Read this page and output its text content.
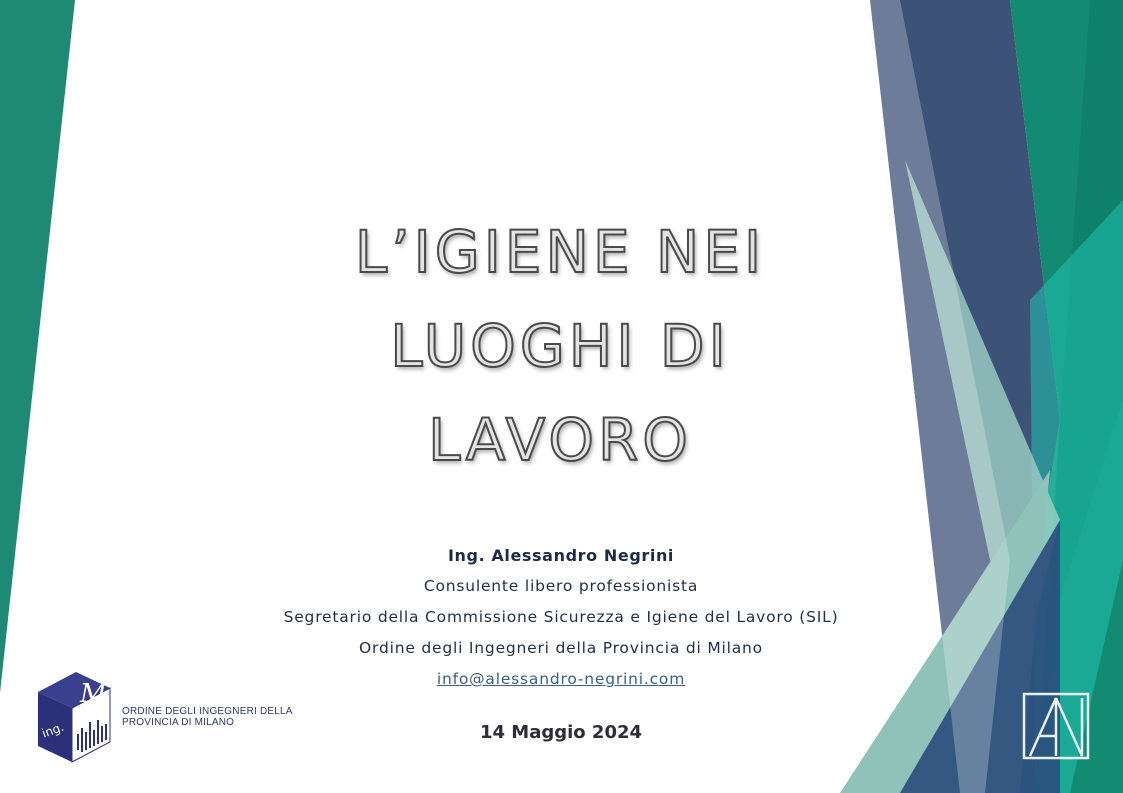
L’IGIENE NEI
LUOGHI DI
LAVORO
Ing. Alessandro Negrini
Consulente libero professionista
Segretario della Commissione Sicurezza e Igiene del Lavoro (SIL)
Ordine degli Ingegneri della Provincia di Milano
info@alessandro-negrini.com
14 Maggio 2024
M
ing.
ORDINE DEGLI INGEGNERI DELLA
PROVINCIA DI MILANO
